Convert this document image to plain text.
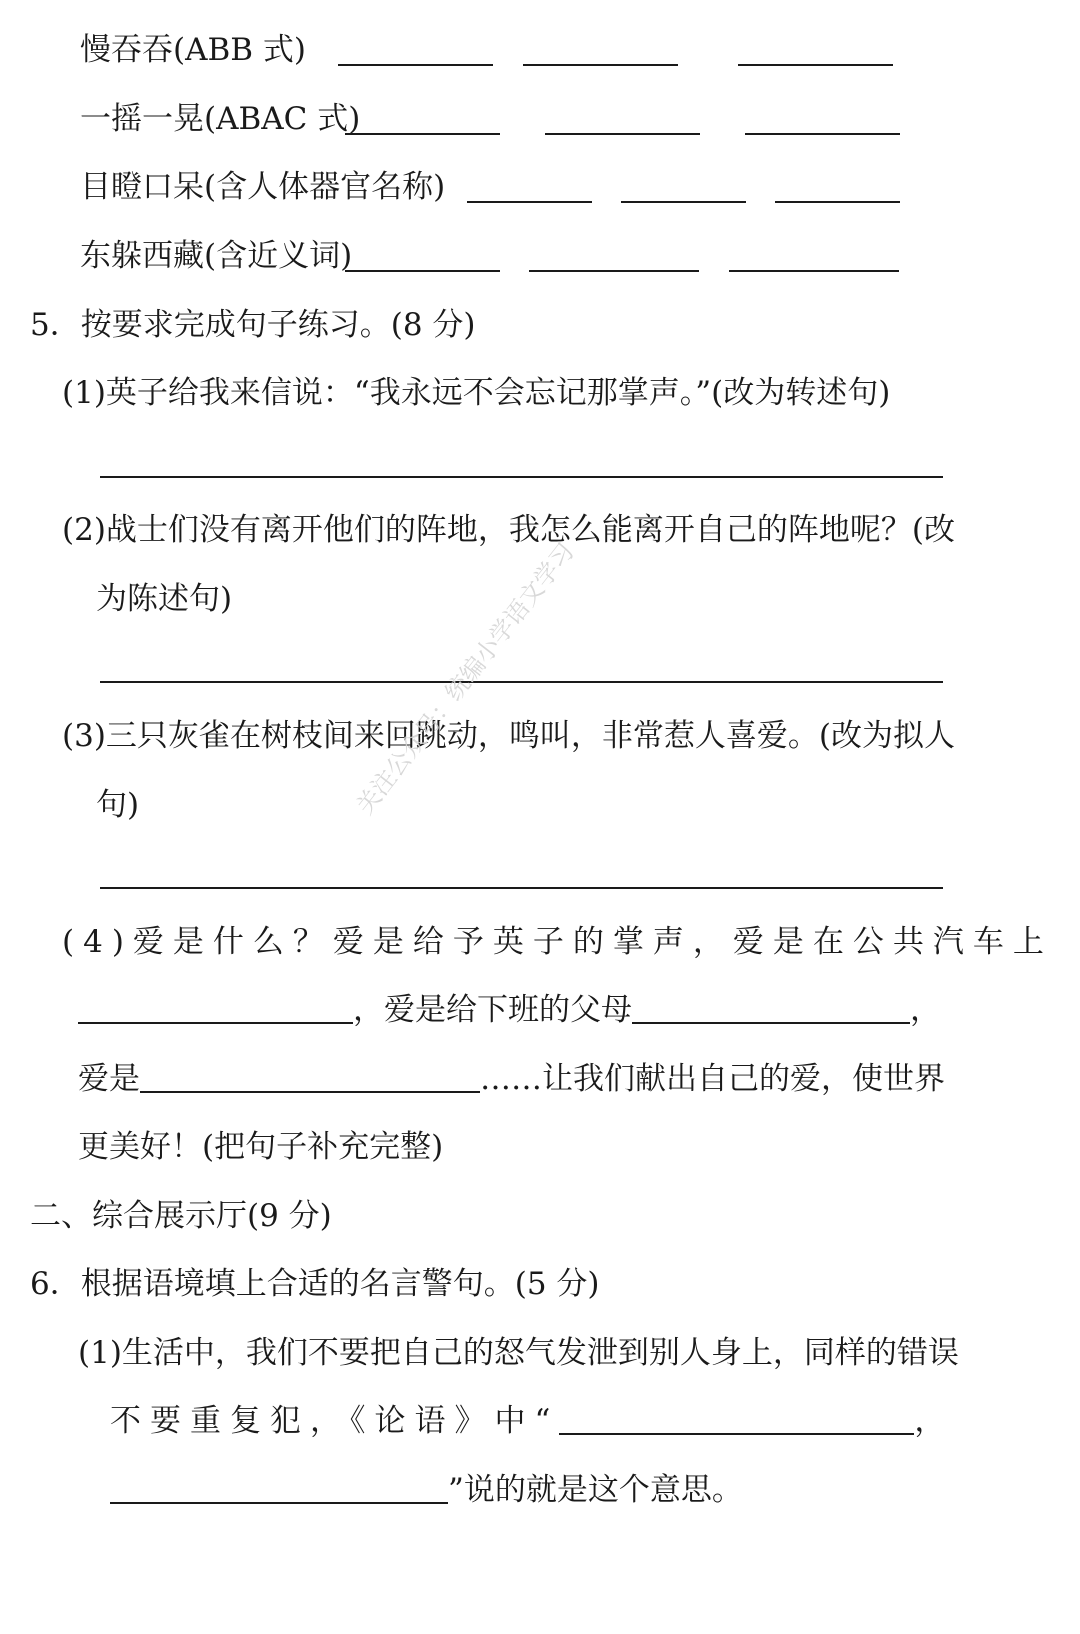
慢吞吞(ABB 式)
一摇一晃(ABAC 式)
目瞪口呆(含人体器官名称)
东躲西藏(含近义词)
5．按要求完成句子练习。(8 分)
(1)英子给我来信说：“我永远不会忘记那掌声。”(改为转述句)
(2)战士们没有离开他们的阵地，我怎么能离开自己的阵地呢？(改
为陈述句)
(3)三只灰雀在树枝间来回跳动，鸣叫，非常惹人喜爱。(改为拟人
句)
(4)爱是什么？爱是给予英子的掌声，爱是在公共汽车上
，爱是给下班的父母	，
爱是	……让我们献出自己的爱，使世界
更美好！(把句子补充完整)
二、综合展示厅(9 分)
6．根据语境填上合适的名言警句。(5 分)
(1)生活中，我们不要把自己的怒气发泄到别人身上，同样的错误
不要重复犯，《论语》中“	，
”说的就是这个意思。
关注公众号：统编小学语文学习
